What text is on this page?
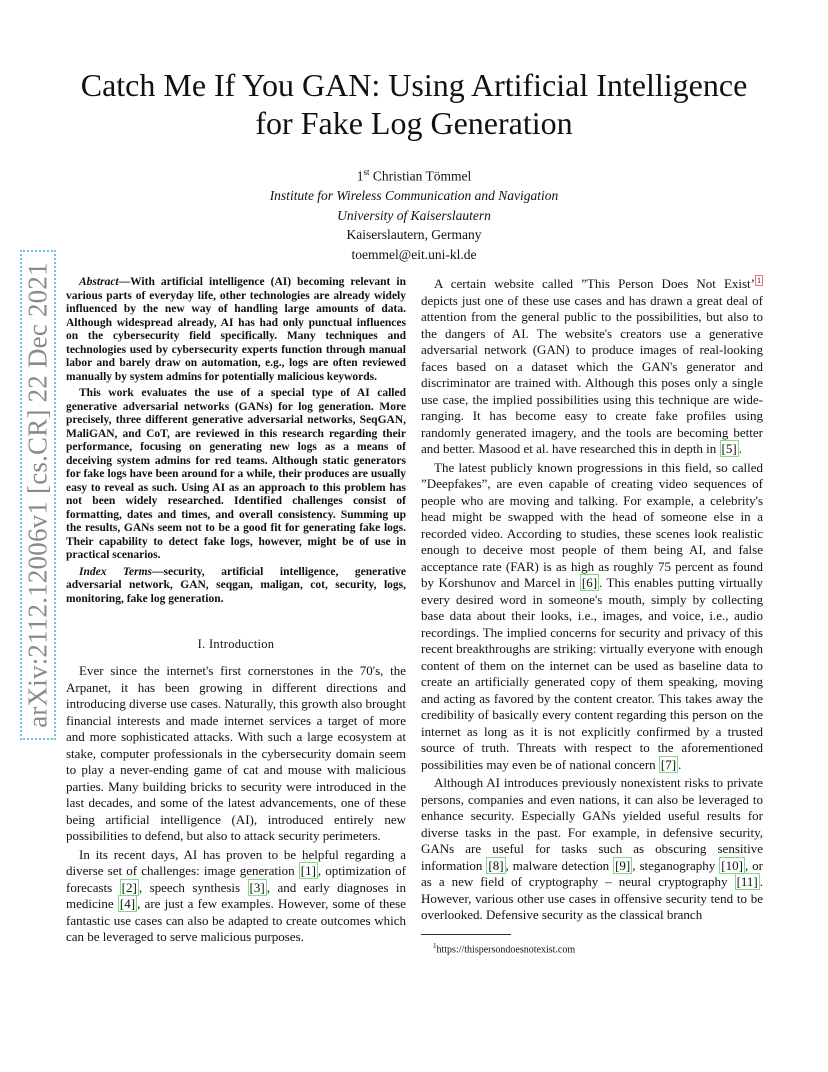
arXiv:2112.12006v1 [cs.CR] 22 Dec 2021
Catch Me If You GAN: Using Artificial Intelligence
for Fake Log Generation
1st Christian Tömmel
Institute for Wireless Communication and Navigation
University of Kaiserslautern
Kaiserslautern, Germany
toemmel@eit.uni-kl.de

Abstract—With artificial intelligence (AI) becoming relevant in various parts of everyday life, other technologies are already widely influenced by the new way of handling large amounts of data. Although widespread already, AI has had only punctual influences on the cybersecurity field specifically. Many techniques and technologies used by cybersecurity experts function through manual labor and barely draw on automation, e.g., logs are often reviewed manually by system admins for potentially malicious keywords.

This work evaluates the use of a special type of AI called generative adversarial networks (GANs) for log generation. More precisely, three different generative adversarial networks, SeqGAN, MaliGAN, and CoT, are reviewed in this research regarding their performance, focusing on generating new logs as a means of deceiving system admins for red teams. Although static generators for fake logs have been around for a while, their produces are usually easy to reveal as such. Using AI as an approach to this problem has not been widely researched. Identified challenges consist of formatting, dates and times, and overall consistency. Summing up the results, GANs seem not to be a good fit for generating fake logs. Their capability to detect fake logs, however, might be of use in practical scenarios.

Index Terms—security, artificial intelligence, generative adversarial network, GAN, seqgan, maligan, cot, security, logs, monitoring, fake log generation.

I. Introduction

Ever since the internet's first cornerstones in the 70's, the Arpanet, it has been growing in different directions and introducing diverse use cases. Naturally, this growth also brought financial interests and made internet services a target of more and more sophisticated attacks. With such a large ecosystem at stake, computer professionals in the cybersecurity domain seem to play a never-ending game of cat and mouse with malicious parties. Many building bricks to security were introduced in the last decades, and some of the latest advancements, one of these being artificial intelligence (AI), introduced entirely new possibilities to defend, but also to attack security perimeters.

In its recent days, AI has proven to be helpful regarding a diverse set of challenges: image generation [1] , optimization of forecasts [2] , speech synthesis [3] , and early diagnoses in medicine [4] , are just a few examples. However, some of these fantastic use cases can also be adapted to create outcomes which can be leveraged to serve malicious purposes.

A certain website called ”This Person Does Not Exist’ $^1$ depicts just one of these use cases and has drawn a great deal of attention from the general public to the possibilities, but also to the dangers of AI. The website's creators use a generative adversarial network (GAN) to produce images of real-looking faces based on a dataset which the GAN's generator and discriminator are trained with. Although this poses only a single use case, the implied possibilities using this technique are wide-ranging. It has become easy to create fake profiles using randomly generated imagery, and the tools are becoming better and better. Masood et al. have researched this in depth in [5] .

The latest publicly known progressions in this field, so called ”Deepfakes”, are even capable of creating video sequences of people who are moving and talking. For example, a celebrity's head might be swapped with the head of someone else in a recorded video. According to studies, these scenes look realistic enough to deceive most people of them being AI, and false acceptance rate (FAR) is as high as roughly 75 percent as found by Korshunov and Marcel in [6] . This enables putting virtually every desired word in someone's mouth, simply by collecting base data about their looks, i.e., images, and voice, i.e., audio recordings. The implied concerns for security and privacy of this recent breakthroughs are striking: virtually everyone with enough content of them on the internet can be used as baseline data to create an artificially generated copy of them speaking, moving and acting as favored by the content creator. This takes away the credibility of basically every content regarding this person on the internet as long as it is not explicitly confirmed by a trusted source of truth. Threats with respect to the aforementioned possibilities may even be of national concern [7] .

Although AI introduces previously nonexistent risks to private persons, companies and even nations, it can also be leveraged to enhance security. Especially GANs yielded useful results for diverse tasks in the past. For example, in defensive security, GANs are useful for tasks such as obscuring sensitive information [8] , malware detection [9] , steganography [10] , or as a new field of cryptography – neural cryptography [11] . However, various other use cases in offensive security tend to be overlooked. Defensive security as the classical branch

$^1$https://thispersondoesnotexist.com
